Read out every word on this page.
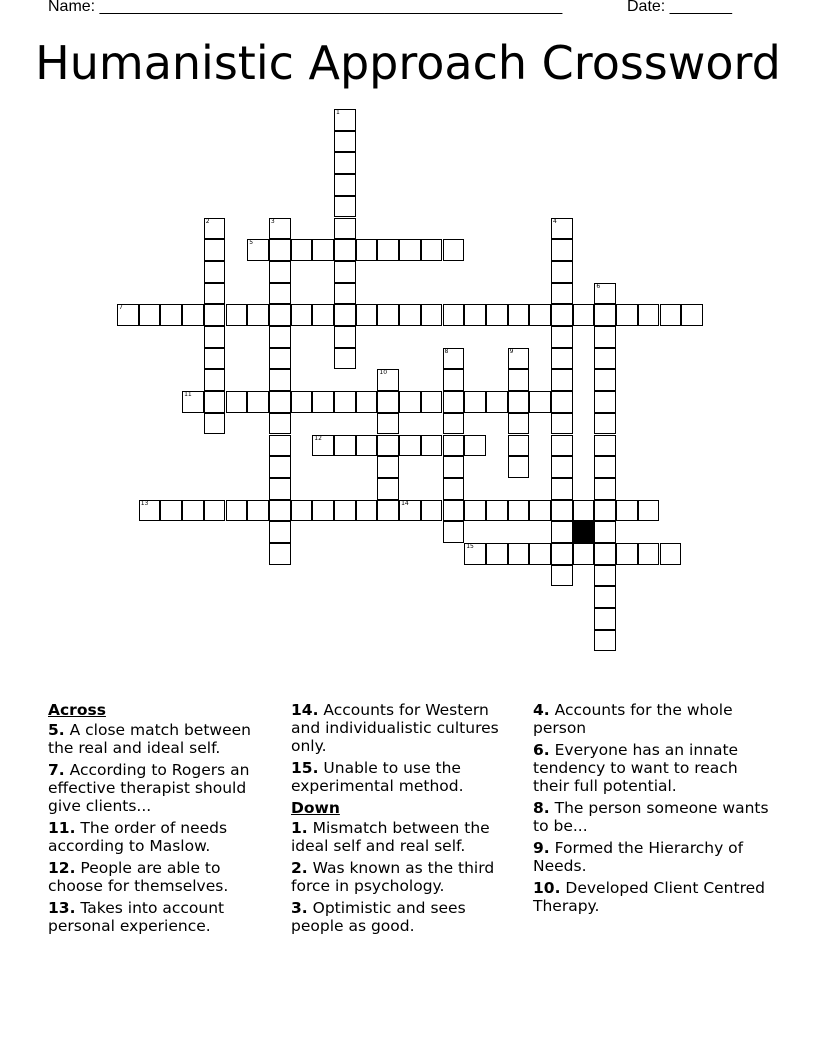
Name: ____________________________________________________	Date: _______
Humanistic Approach Crossword
1
2	3	4
6
8	9
10
5
7
11
12
13	14
15
Across
5. A close match between the real and ideal self.
7. According to Rogers an effective therapist should give clients...
11. The order of needs according to Maslow.
12. People are able to choose for themselves.
13. Takes into account personal experience.
14. Accounts for Western and individualistic cultures only.
15. Unable to use the experimental method.
Down
1. Mismatch between the ideal self and real self.
2. Was known as the third force in psychology.
3. Optimistic and sees people as good.
4. Accounts for the whole person
6. Everyone has an innate tendency to want to reach their full potential.
8. The person someone wants to be...
9. Formed the Hierarchy of Needs.
10. Developed Client Centred Therapy.
